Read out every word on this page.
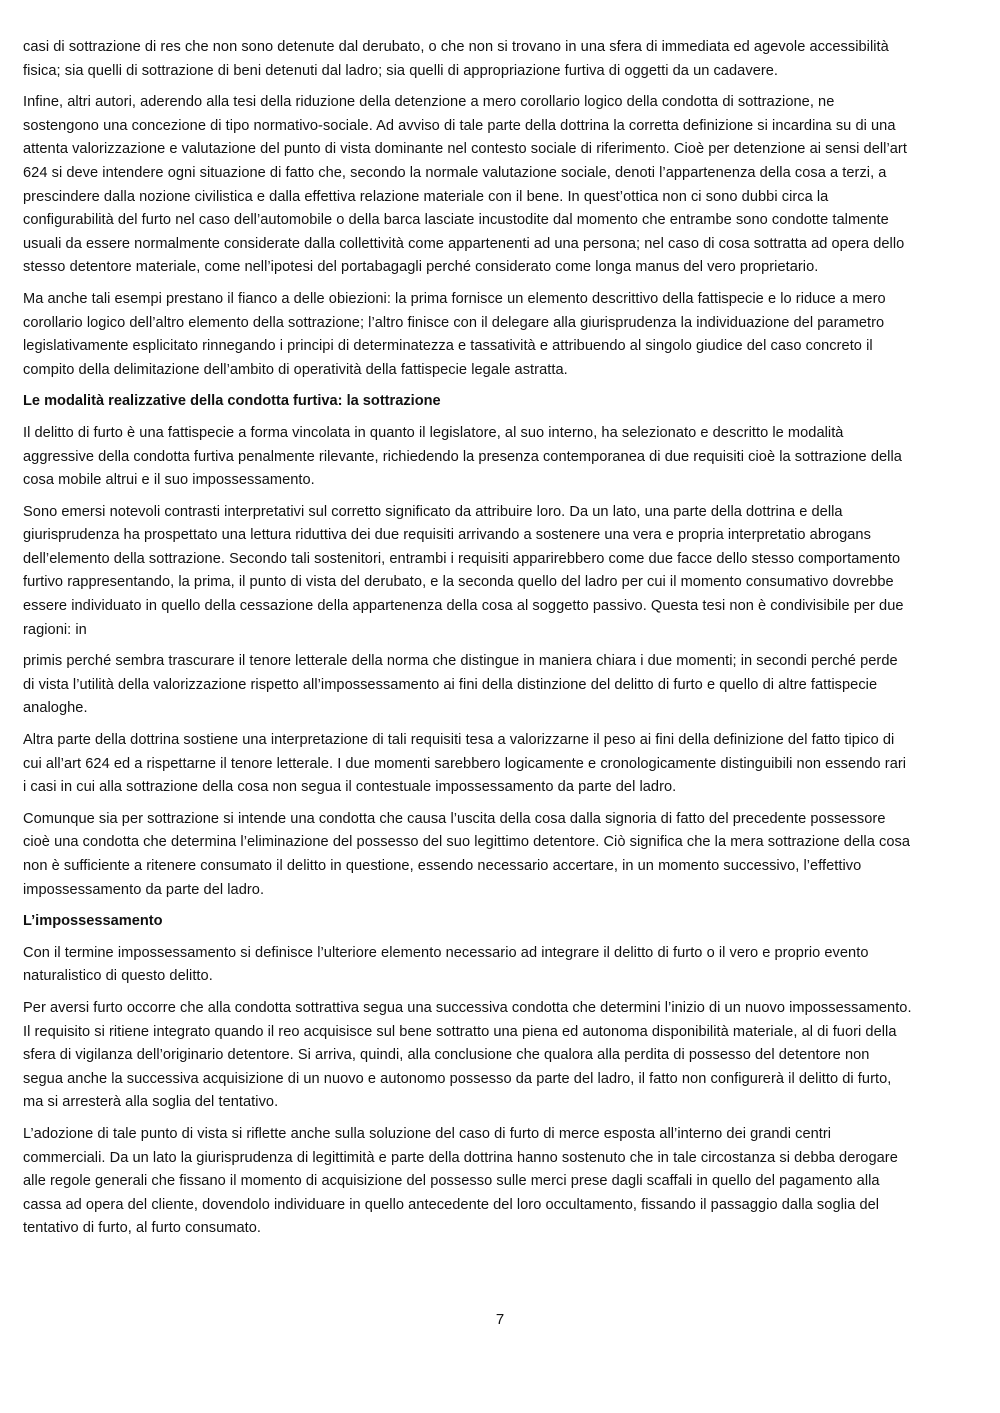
casi di sottrazione di res che non sono detenute dal derubato, o che non si trovano in una sfera di immediata ed agevole accessibilità fisica; sia quelli di sottrazione di beni detenuti dal ladro; sia quelli di appropriazione furtiva di oggetti da un cadavere.

Infine, altri autori, aderendo alla tesi della riduzione della detenzione a mero corollario logico della condotta di sottrazione, ne sostengono una concezione di tipo normativo-sociale. Ad avviso di tale parte della dottrina la corretta definizione si incardina su di una attenta valorizzazione e valutazione del punto di vista dominante nel contesto sociale di riferimento. Cioè per detenzione ai sensi dell’art 624 si deve intendere ogni situazione di fatto che, secondo la normale valutazione sociale, denoti l’appartenenza della cosa a terzi, a prescindere dalla nozione civilistica e dalla effettiva relazione materiale con il bene. In quest’ottica non ci sono dubbi circa la configurabilità del furto nel caso dell’automobile o della barca lasciate incustodite dal momento che entrambe sono condotte talmente usuali da essere normalmente considerate dalla collettività come appartenenti ad una persona; nel caso di cosa sottratta ad opera dello stesso detentore materiale, come nell’ipotesi del portabagagli perché considerato come longa manus del vero proprietario.

Ma anche tali esempi prestano il fianco a delle obiezioni: la prima fornisce un elemento descrittivo della fattispecie e lo riduce a mero corollario logico dell’altro elemento della sottrazione; l’altro finisce con il delegare alla giurisprudenza la individuazione del parametro legislativamente esplicitato rinnegando i principi di determinatezza e tassatività e attribuendo al singolo giudice del caso concreto il compito della delimitazione dell’ambito di operatività della fattispecie legale astratta.

Le modalità realizzative della condotta furtiva: la sottrazione

Il delitto di furto è una fattispecie a forma vincolata in quanto il legislatore, al suo interno, ha selezionato e descritto le modalità aggressive della condotta furtiva penalmente rilevante, richiedendo la presenza contemporanea di due requisiti cioè la sottrazione della cosa mobile altrui e il suo impossessamento.

Sono emersi notevoli contrasti interpretativi sul corretto significato da attribuire loro. Da un lato, una parte della dottrina e della giurisprudenza ha prospettato una lettura riduttiva dei due requisiti arrivando a sostenere una vera e propria interpretatio abrogans dell’elemento della sottrazione. Secondo tali sostenitori, entrambi i requisiti apparirebbero come due facce dello stesso comportamento furtivo rappresentando, la prima, il punto di vista del derubato, e la seconda quello del ladro per cui il momento consumativo dovrebbe essere individuato in quello della cessazione della appartenenza della cosa al soggetto passivo. Questa tesi non è condivisibile per due ragioni: in

primis perché sembra trascurare il tenore letterale della norma che distingue in maniera chiara i due momenti; in secondi perché perde di vista l’utilità della valorizzazione rispetto all’impossessamento ai fini della distinzione del delitto di furto e quello di altre fattispecie analoghe.

Altra parte della dottrina sostiene una interpretazione di tali requisiti tesa a valorizzarne il peso ai fini della definizione del fatto tipico di cui all’art 624 ed a rispettarne il tenore letterale. I due momenti sarebbero logicamente e cronologicamente distinguibili non essendo rari i casi in cui alla sottrazione della cosa non segua il contestuale impossessamento da parte del ladro.

Comunque sia per sottrazione si intende una condotta che causa l’uscita della cosa dalla signoria di fatto del precedente possessore cioè una condotta che determina l’eliminazione del possesso del suo legittimo detentore. Ciò significa che la mera sottrazione della cosa non è sufficiente a ritenere consumato il delitto in questione, essendo necessario accertare, in un momento successivo, l’effettivo impossessamento da parte del ladro.

L’impossessamento

Con il termine impossessamento si definisce l’ulteriore elemento necessario ad integrare il delitto di furto o il vero e proprio evento naturalistico di questo delitto.

Per aversi furto occorre che alla condotta sottrattiva segua una successiva condotta che determini l’inizio di un nuovo impossessamento. Il requisito si ritiene integrato quando il reo acquisisce sul bene sottratto una piena ed autonoma disponibilità materiale, al di fuori della sfera di vigilanza dell’originario detentore. Si arriva, quindi, alla conclusione che qualora alla perdita di possesso del detentore non segua anche la successiva acquisizione di un nuovo e autonomo possesso da parte del ladro, il fatto non configurerà il delitto di furto, ma si arresterà alla soglia del tentativo.

L’adozione di tale punto di vista si riflette anche sulla soluzione del caso di furto di merce esposta all’interno dei grandi centri commerciali. Da un lato la giurisprudenza di legittimità e parte della dottrina hanno sostenuto che in tale circostanza si debba derogare alle regole generali che fissano il momento di acquisizione del possesso sulle merci prese dagli scaffali in quello del pagamento alla cassa ad opera del cliente, dovendolo individuare in quello antecedente del loro occultamento, fissando il passaggio dalla soglia del tentativo di furto, al furto consumato.

7
